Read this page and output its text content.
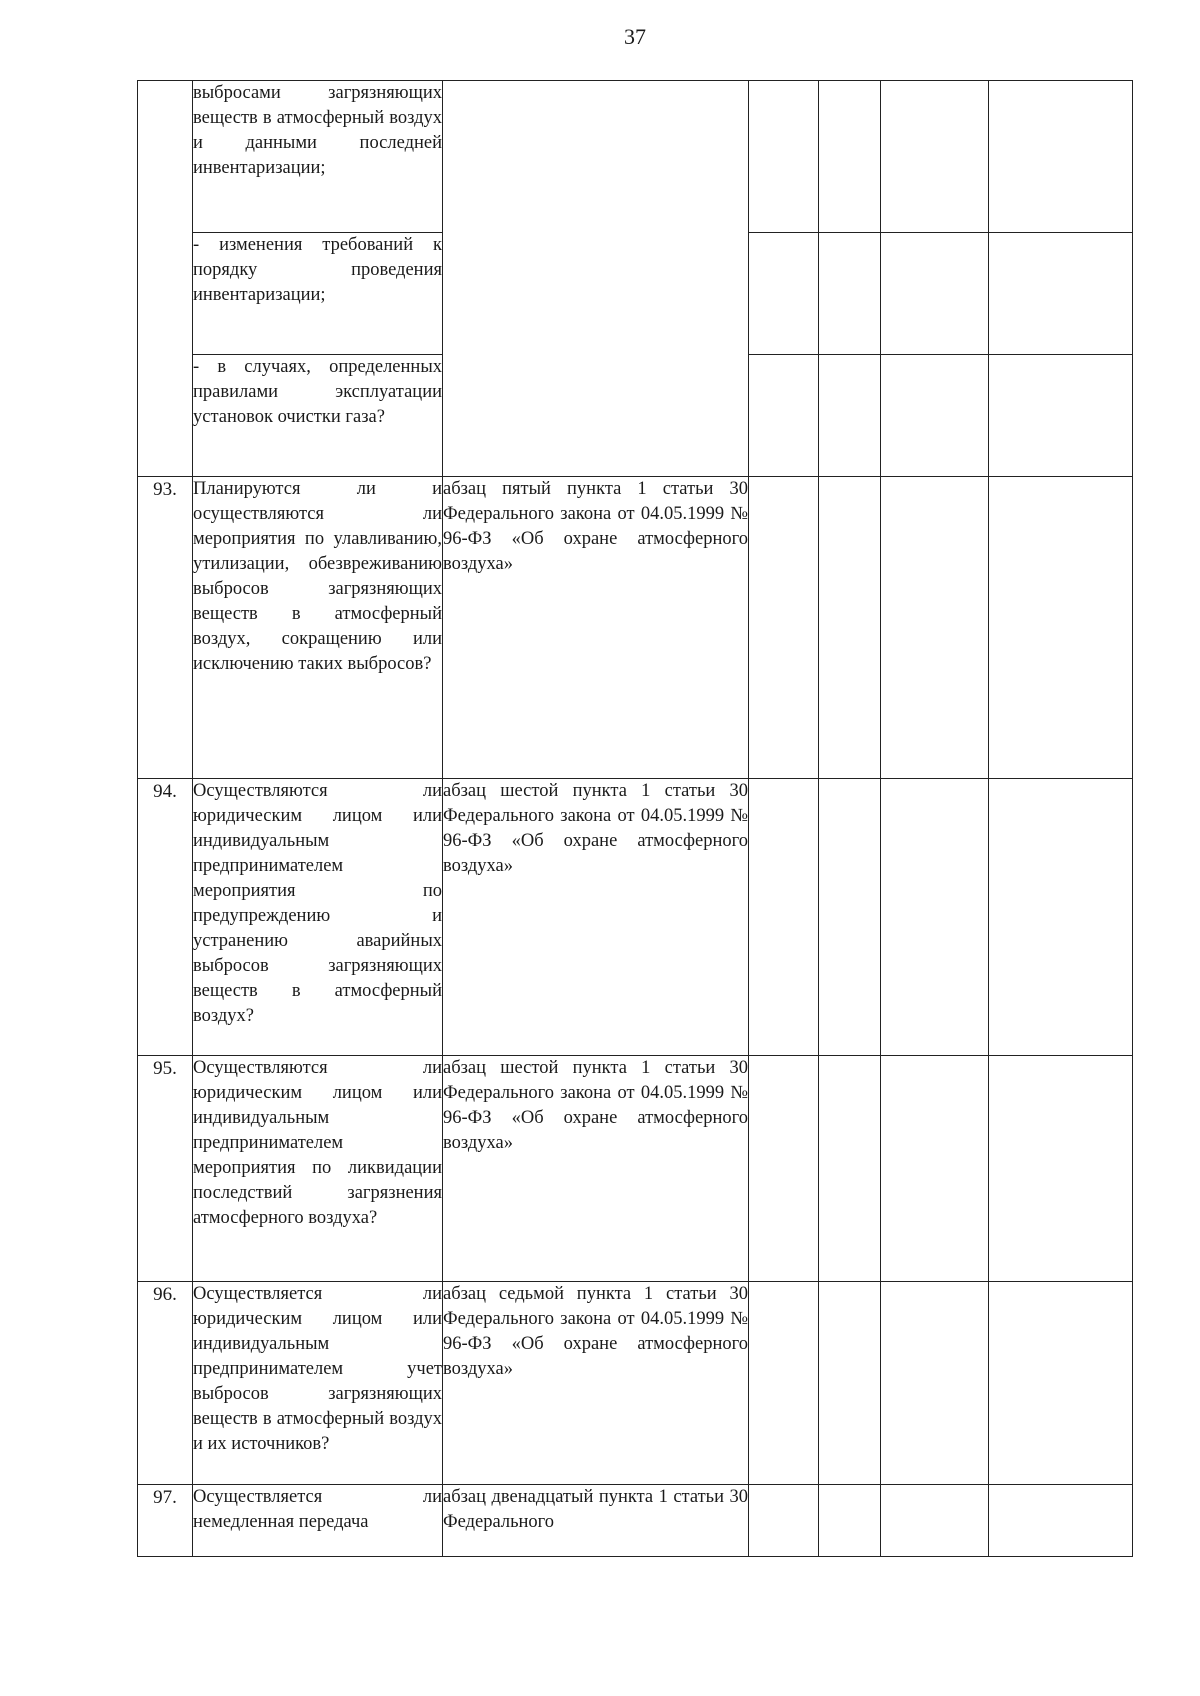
37
	выбросами загрязняющих веществ в атмосферный воздух и данными последней инвентаризации;					
	- изменения требований к порядку проведения инвентаризации;					
	- в случаях, определенных правилами эксплуатации установок очистки газа?					
93.	Планируются ли и осуществляются ли мероприятия по улавливанию, утилизации, обезвреживанию выбросов загрязняющих веществ в атмосферный воздух, сокращению или исключению таких выбросов?	абзац пятый пункта 1 статьи 30 Федерального закона от 04.05.1999 № 96-ФЗ «Об охране атмосферного воздуха»				
94.	Осуществляются ли юридическим лицом или индивидуальным предпринимателем мероприятия по предупреждению и устранению аварийных выбросов загрязняющих веществ в атмосферный воздух?	абзац шестой пункта 1 статьи 30 Федерального закона от 04.05.1999 № 96-ФЗ «Об охране атмосферного воздуха»				
95.	Осуществляются ли юридическим лицом или индивидуальным предпринимателем мероприятия по ликвидации последствий загрязнения атмосферного воздуха?	абзац шестой пункта 1 статьи 30 Федерального закона от 04.05.1999 № 96-ФЗ «Об охране атмосферного воздуха»				
96.	Осуществляется ли юридическим лицом или индивидуальным предпринимателем учет выбросов загрязняющих веществ в атмосферный воздух и их источников?	абзац седьмой пункта 1 статьи 30 Федерального закона от 04.05.1999 № 96-ФЗ «Об охране атмосферного воздуха»				
97.	Осуществляется ли немедленная передача	абзац двенадцатый пункта 1 статьи 30 Федерального				
